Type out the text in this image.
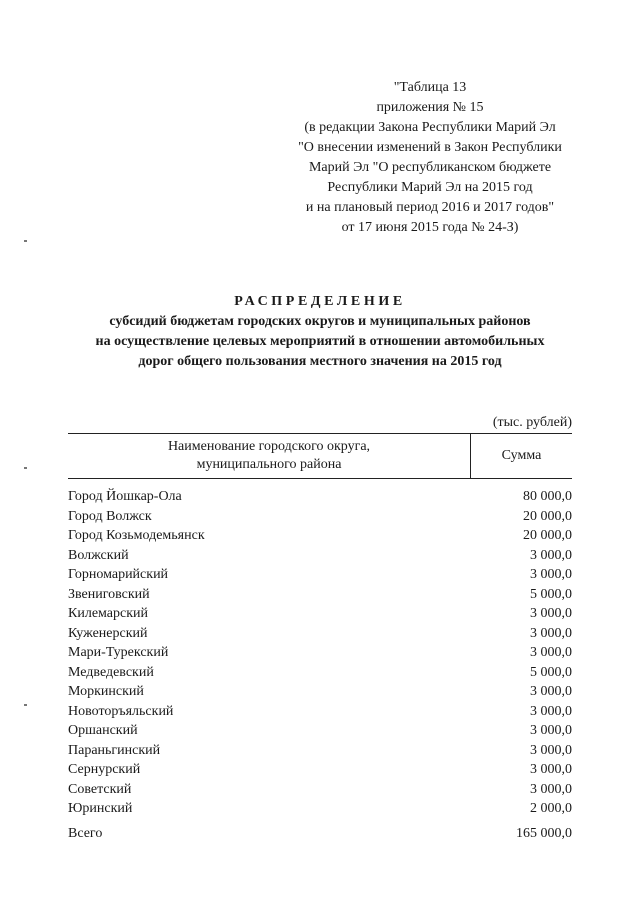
"Таблица 13
приложения № 15
(в редакции Закона Республики Марий Эл
"О внесении изменений в Закон Республики
Марий Эл "О республиканском бюджете
Республики Марий Эл на 2015 год
и на плановый период 2016 и 2017 годов"
от 17 июня 2015 года № 24-З)
РАСПРЕДЕЛЕНИЕ
субсидий бюджетам городских округов и муниципальных районов
на осуществление целевых мероприятий в отношении автомобильных
дорог общего пользования местного значения на 2015 год
(тыс. рублей)
Наименование городского округа,
муниципального района
Сумма
Город Йошкар-Ола	80 000,0
Город Волжск	20 000,0
Город Козьмодемьянск	20 000,0
Волжский	3 000,0
Горномарийский	3 000,0
Звениговский	5 000,0
Килемарский	3 000,0
Куженерский	3 000,0
Мари-Турекский	3 000,0
Медведевский	5 000,0
Моркинский	3 000,0
Новоторъяльский	3 000,0
Оршанский	3 000,0
Параньгинский	3 000,0
Сернурский	3 000,0
Советский	3 000,0
Юринский	2 000,0
Всего	165 000,0
